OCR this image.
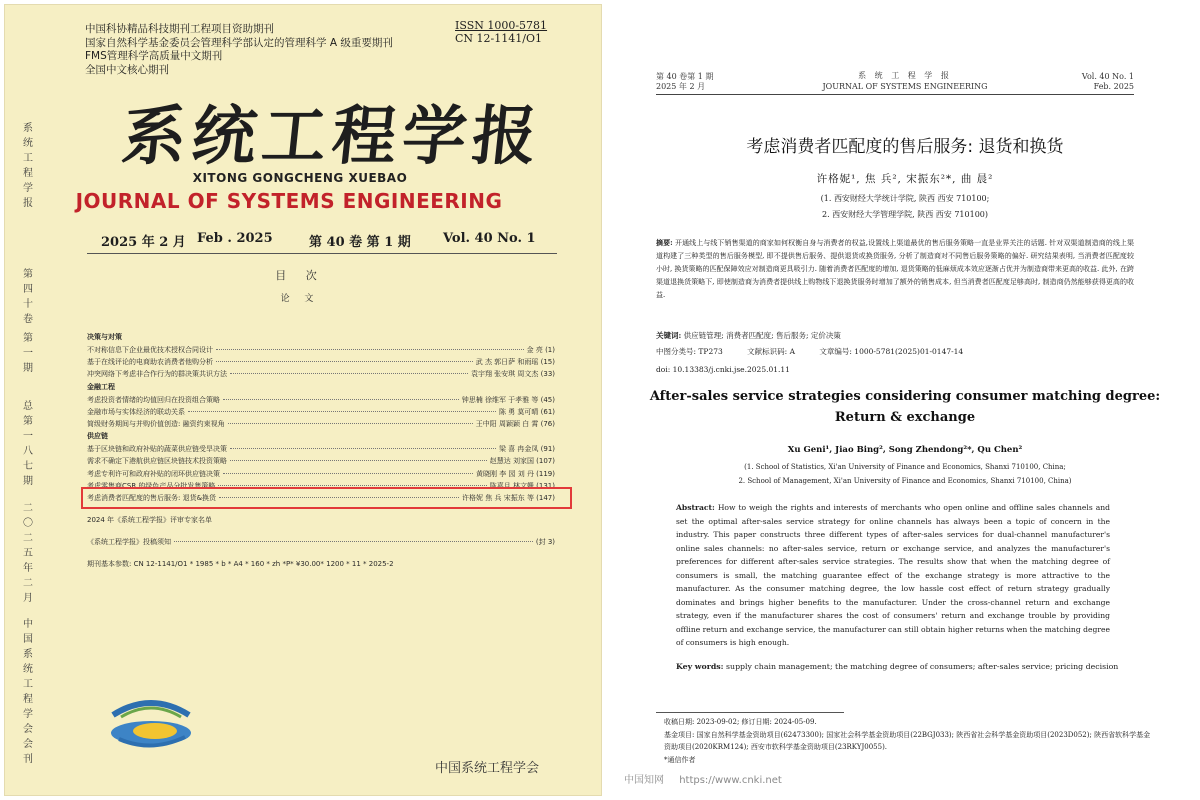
系统工程学报
第四十卷
第一期
总第一八七期
二〇二五年二月
中国系统工程学会会刊
中国科协精品科技期刊工程项目资助期刊
国家自然科学基金委员会管理科学部认定的管理科学 A 级重要期刊
FMS管理科学高质量中文期刊
全国中文核心期刊
ISSN 1000-5781
CN 12-1141/O1
系统工程学报
XITONG GONGCHENG XUEBAO
JOURNAL OF SYSTEMS ENGINEERING
2025 年 2 月 Feb . 2025	第 40 卷 第 1 期 Vol. 40 No. 1
目 次
论 文
决策与对策
不对称信息下企业最优技术授权合同设计	金 亮 (1)
基于在线评论的电商助农消费者他购分析	武 杰 郭日萨 和雨瑶 (15)
冲突网络下考虑非合作行为的群决策共识方法	袁宇翔 张安琪 周文杰 (33)
金融工程
考虑投资者情绪的均值回归在投资组合策略	钟思楠 徐维军 于孝雅 等 (45)
金融市场与实体经济的联动关系	陈 勇 莫可晴 (61)
简级财务期间与并购价值创造: 融资约束视角	王中阳 周颖颖 白 霄 (76)
供应链
基于区块链和政府补贴的蔬菜供应链受旱决策	梁 喜 冉金凤 (91)
需求不确定下港航供应链区块链技术投资策略	赵慧达 刘家国 (107)
考虑专利许可和政府补贴的闭环供应链决策	黄晓刚 李 园 刘 丹 (119)
考虑零售商CSR 的绿色产品分批发售策略	陈嘉月 林文姗 (131)
考虑消费者匹配度的售后服务: 退货&换货	许格妮 焦 兵 宋振东 等 (147)
2024 年《系统工程学报》评审专家名单
《系统工程学报》投稿须知	(封 3)
期刊基本参数: CN 12-1141/O1 * 1985 * b * A4 * 160 * zh *P* ¥30.00* 1200 * 11 * 2025-2
中国系统工程学会
第 40 卷第 1 期
2025 年 2 月
系 统 工 程 学 报
JOURNAL OF SYSTEMS ENGINEERING
Vol. 40 No. 1
Feb. 2025
考虑消费者匹配度的售后服务: 退货和换货
许格妮¹, 焦 兵², 宋振东²*, 曲 晨²
(1. 西安财经大学统计学院, 陕西 西安 710100;
2. 西安财经大学管理学院, 陕西 西安 710100)
摘要: 开通线上与线下销售渠道的商家如何权衡自身与消费者的权益,设置线上渠道最优的售后服务策略一直是业界关注的话题. 针对双渠道制造商的线上渠道构建了三种类型的售后服务模型, 即不提供售后服务、提供退货或换货服务, 分析了制造商对不同售后服务策略的偏好. 研究结果表明, 当消费者匹配度较小时, 换货策略的匹配保障效应对制造商更具吸引力. 随着消费者匹配度的增加, 退货策略的低麻烦成本效应逐渐占优并为制造商带来更高的收益. 此外, 在跨渠道退换货策略下, 即使制造商为消费者提供线上购物线下退换货服务时增加了额外的销售成本, 但当消费者匹配度足够高时, 制造商仍然能够获得更高的收益.
关键词: 供应链管理; 消费者匹配度; 售后服务; 定价决策
中图分类号: TP273	文献标识码: A	文章编号: 1000-5781(2025)01-0147-14
doi: 10.13383/j.cnki.jse.2025.01.11
After-sales service strategies considering consumer matching degree:
Return & exchange
Xu Geni¹, Jiao Bing², Song Zhendong²*, Qu Chen²
(1. School of Statistics, Xi'an University of Finance and Economics, Shanxi 710100, China;
2. School of Management, Xi'an University of Finance and Economics, Shanxi 710100, China)
Abstract: How to weigh the rights and interests of merchants who open online and offline sales channels and set the optimal after-sales service strategy for online channels has always been a topic of concern in the industry. This paper constructs three different types of after-sales services for dual-channel manufacturer's online sales channels: no after-sales service, return or exchange service, and analyzes the manufacturer's preferences for different after-sales service strategies. The results show that when the matching degree of consumers is small, the matching guarantee effect of the exchange strategy is more attractive to the manufacturer. As the consumer matching degree, the low hassle cost effect of return strategy gradually dominates and brings higher benefits to the manufacturer. Under the cross-channel return and exchange strategy, even if the manufacturer shares the cost of consumers' return and exchange trouble by providing offline return and exchange service, the manufacturer can still obtain higher returns when the matching degree of consumers is high enough.
Key words: supply chain management; the matching degree of consumers; after-sales service; pricing decision
收稿日期: 2023-09-02; 修订日期: 2024-05-09.
基金项目: 国家自然科学基金资助项目(62473300); 国家社会科学基金资助项目(22BGJ033); 陕西省社会科学基金资助项目(2023D052); 陕西省软科学基金资助项目(2020KRM124); 西安市软科学基金资助项目(23RKYJ0055).
*通信作者
中国知网 https://www.cnki.net
